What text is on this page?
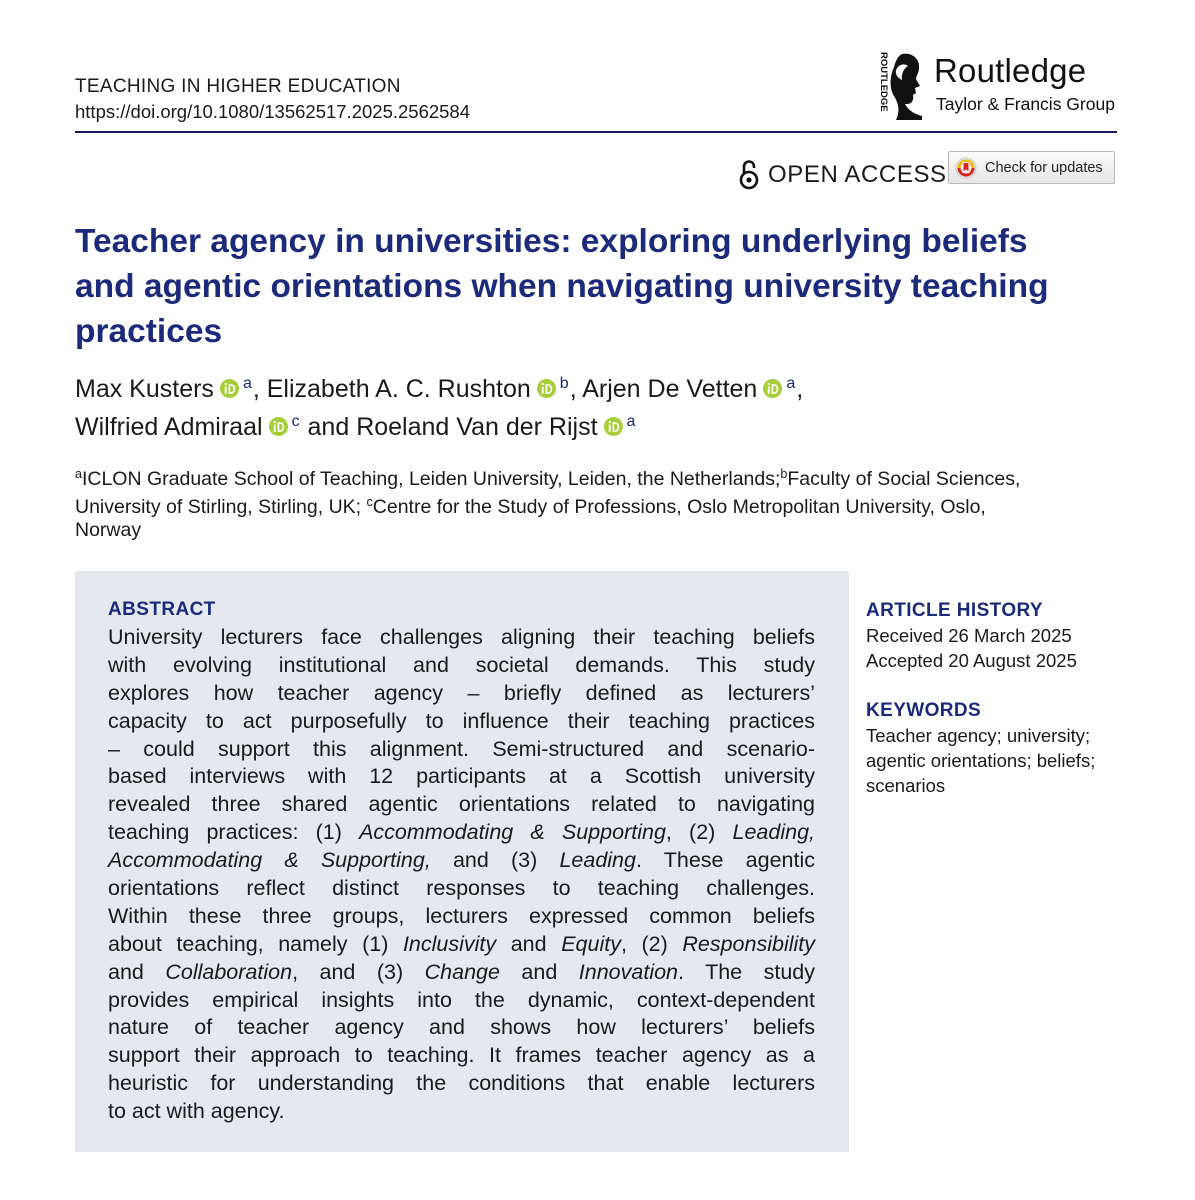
TEACHING IN HIGHER EDUCATION
https://doi.org/10.1080/13562517.2025.2562584	ROUTLEDGE Routledge
Taylor & Francis Group
OPEN ACCESS	Check for updates
Teacher agency in universities: exploring underlying beliefs
and agentic orientations when navigating university teaching
practices
Max Kusters $^a$, Elizabeth A. C. Rushton $^b$, Arjen De Vetten $^a$,
Wilfried Admiraal $^c$ and Roeland Van der Rijst $^a$
$^a$ICLON Graduate School of Teaching, Leiden University, Leiden, the Netherlands;$^b$Faculty of Social Sciences,
University of Stirling, Stirling, UK; $^c$Centre for the Study of Professions, Oslo Metropolitan University, Oslo,
Norway
ABSTRACT
University lecturers face challenges aligning their teaching beliefs
with evolving institutional and societal demands. This study
explores how teacher agency – briefly defined as lecturers’
capacity to act purposefully to influence their teaching practices
– could support this alignment. Semi-structured and scenario-
based interviews with 12 participants at a Scottish university
revealed three shared agentic orientations related to navigating
teaching practices: (1) Accommodating & Supporting, (2) Leading,
Accommodating & Supporting, and (3) Leading. These agentic
orientations reflect distinct responses to teaching challenges.
Within these three groups, lecturers expressed common beliefs
about teaching, namely (1) Inclusivity and Equity, (2) Responsibility
and Collaboration, and (3) Change and Innovation. The study
provides empirical insights into the dynamic, context-dependent
nature of teacher agency and shows how lecturers’ beliefs
support their approach to teaching. It frames teacher agency as a
heuristic for understanding the conditions that enable lecturers
to act with agency.
ARTICLE HISTORY
Received 26 March 2025
Accepted 20 August 2025
KEYWORDS
Teacher agency; university;
agentic orientations; beliefs;
scenarios
